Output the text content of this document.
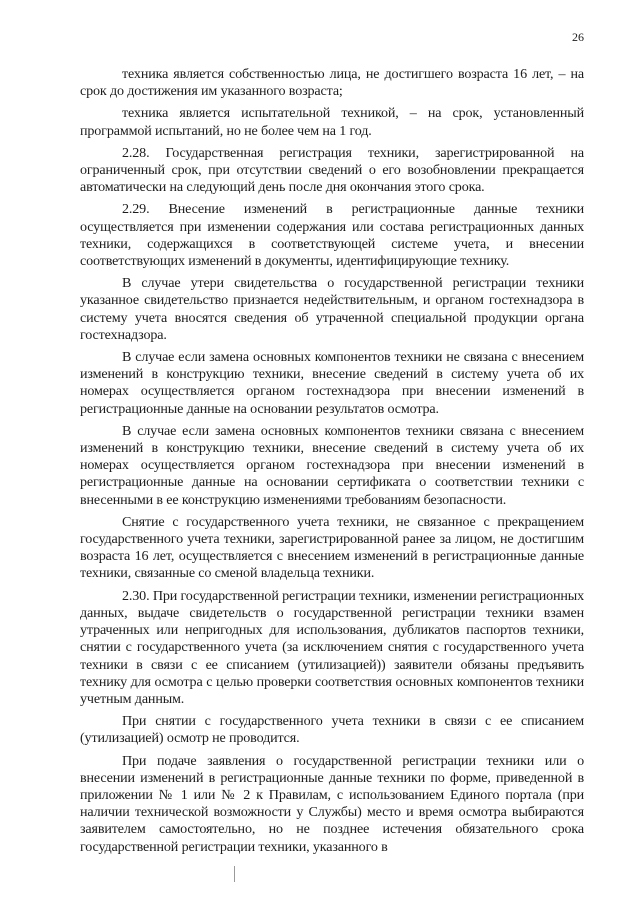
26

техника является собственностью лица, не достигшего возраста 16 лет, – на срок до достижения им указанного возраста;

техника является испытательной техникой, – на срок, установленный программой испытаний, но не более чем на 1 год.

2.28. Государственная регистрация техники, зарегистрированной на ограниченный срок, при отсутствии сведений о его возобновлении прекращается автоматически на следующий день после дня окончания этого срока.

2.29. Внесение изменений в регистрационные данные техники осуществляется при изменении содержания или состава регистрационных данных техники, содержащихся в соответствующей системе учета, и внесении соответствующих изменений в документы, идентифицирующие технику.

В случае утери свидетельства о государственной регистрации техники указанное свидетельство признается недействительным, и органом гостехнадзора в систему учета вносятся сведения об утраченной специальной продукции органа гостехнадзора.

В случае если замена основных компонентов техники не связана с внесением изменений в конструкцию техники, внесение сведений в систему учета об их номерах осуществляется органом гостехнадзора при внесении изменений в регистрационные данные на основании результатов осмотра.

В случае если замена основных компонентов техники связана с внесением изменений в конструкцию техники, внесение сведений в систему учета об их номерах осуществляется органом гостехнадзора при внесении изменений в регистрационные данные на основании сертификата о соответствии техники с внесенными в ее конструкцию изменениями требованиям безопасности.

Снятие с государственного учета техники, не связанное с прекращением государственного учета техники, зарегистрированной ранее за лицом, не достигшим возраста 16 лет, осуществляется с внесением изменений в регистрационные данные техники, связанные со сменой владельца техники.

2.30. При государственной регистрации техники, изменении регистрационных данных, выдаче свидетельств о государственной регистрации техники взамен утраченных или непригодных для использования, дубликатов паспортов техники, снятии с государственного учета (за исключением снятия с государственного учета техники в связи с ее списанием (утилизацией)) заявители обязаны предъявить технику для осмотра с целью проверки соответствия основных компонентов техники учетным данным.

При снятии с государственного учета техники в связи с ее списанием (утилизацией) осмотр не проводится.

При подаче заявления о государственной регистрации техники или о внесении изменений в регистрационные данные техники по форме, приведенной в приложении № 1 или № 2 к Правилам, с использованием Единого портала (при наличии технической возможности у Службы) место и время осмотра выбираются заявителем самостоятельно, но не позднее истечения обязательного срока государственной регистрации техники, указанного в
